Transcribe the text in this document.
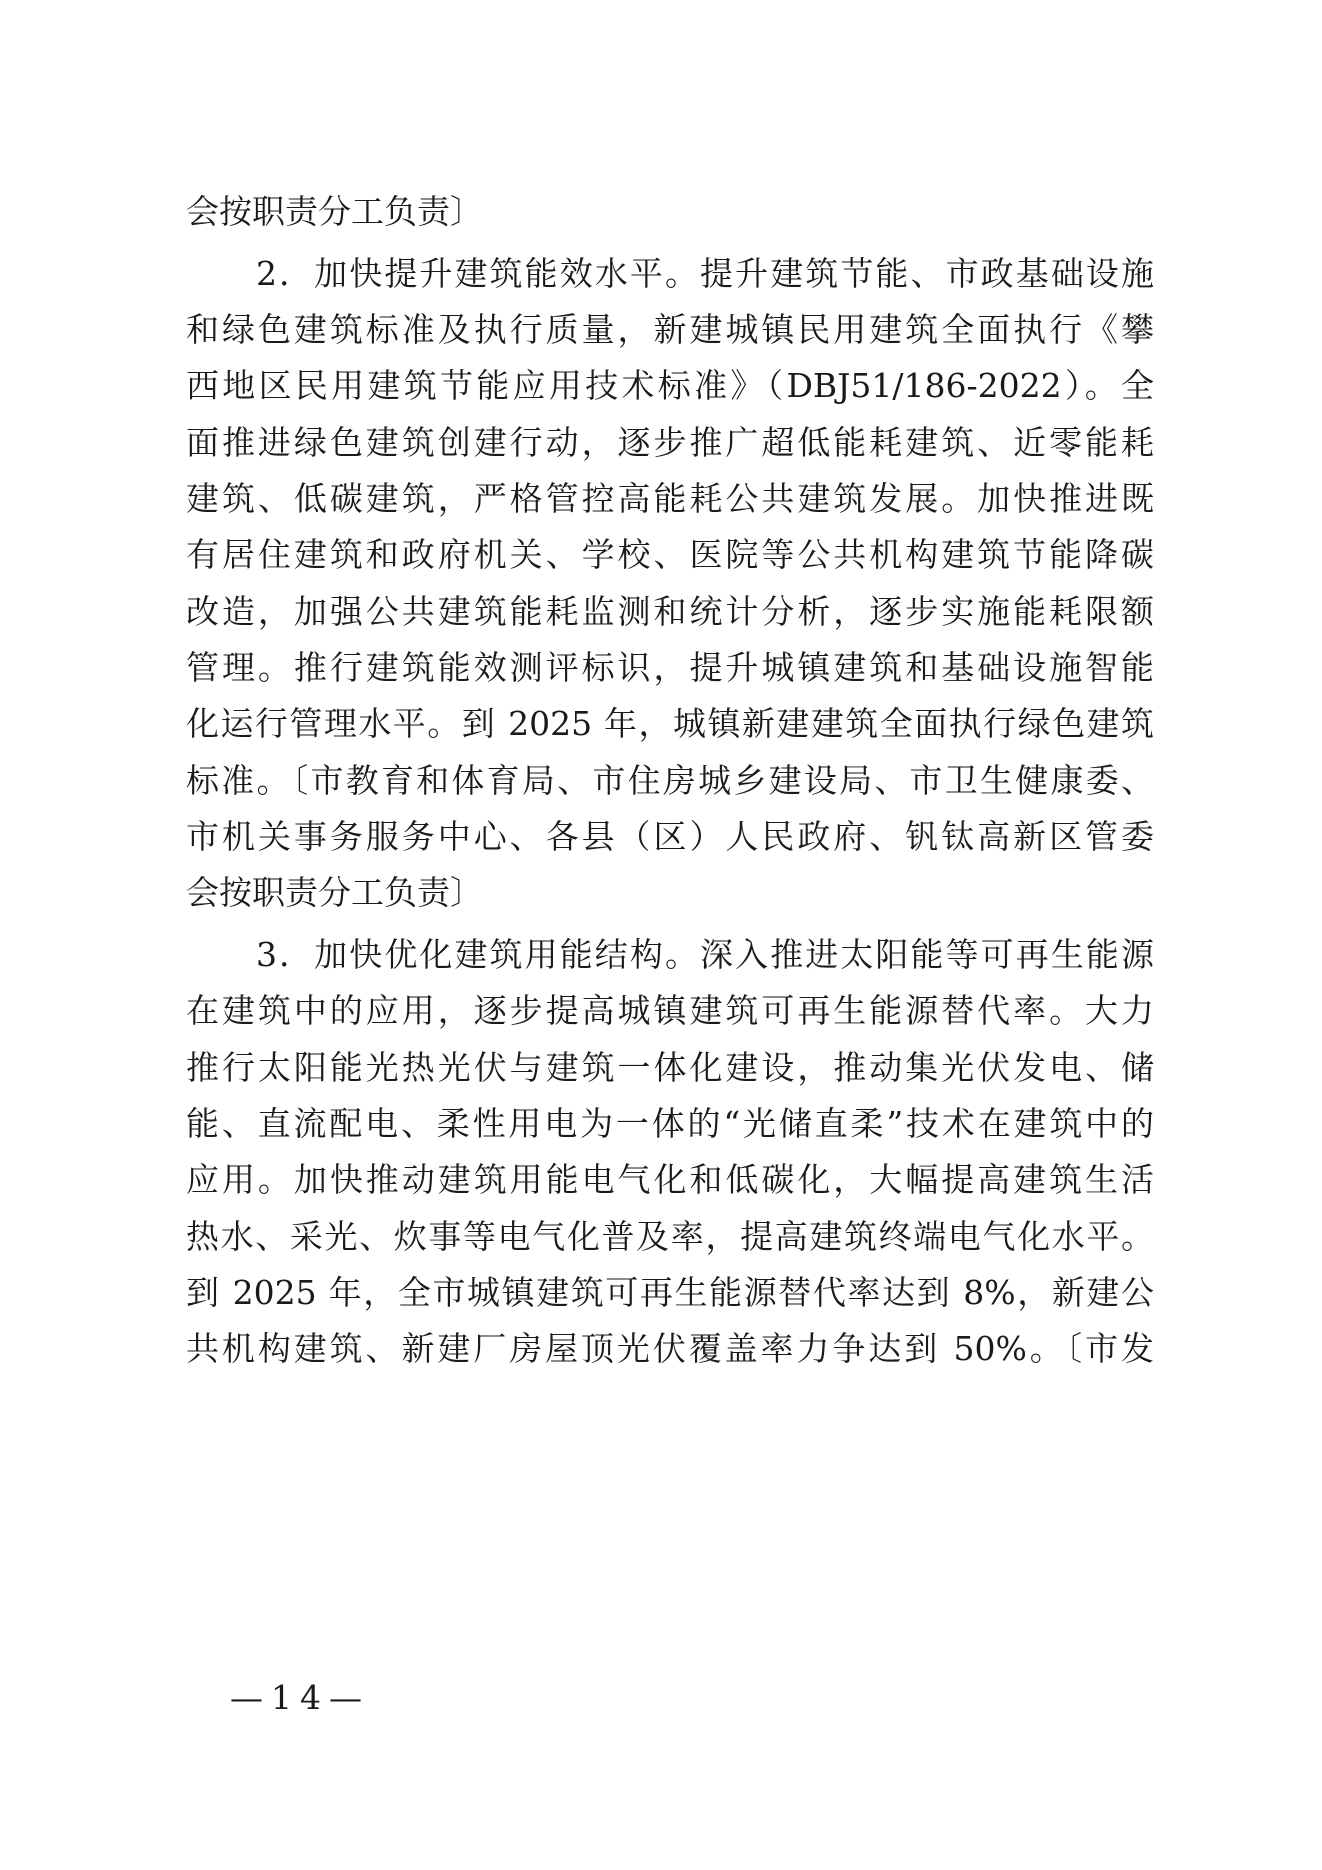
会按职责分工负责〕
2．加快提升建筑能效水平。提升建筑节能、市政基础设施
和绿色建筑标准及执行质量，新建城镇民用建筑全面执行《攀
西地区民用建筑节能应用技术标准》（DBJ51/186-2022）。全
面推进绿色建筑创建行动，逐步推广超低能耗建筑、近零能耗
建筑、低碳建筑，严格管控高能耗公共建筑发展。加快推进既
有居住建筑和政府机关、学校、医院等公共机构建筑节能降碳
改造，加强公共建筑能耗监测和统计分析，逐步实施能耗限额
管理。推行建筑能效测评标识，提升城镇建筑和基础设施智能
化运行管理水平。到 2025 年，城镇新建建筑全面执行绿色建筑
标准。〔市教育和体育局、市住房城乡建设局、市卫生健康委、
市机关事务服务中心、各县（区）人民政府、钒钛高新区管委
会按职责分工负责〕
3．加快优化建筑用能结构。深入推进太阳能等可再生能源
在建筑中的应用，逐步提高城镇建筑可再生能源替代率。大力
推行太阳能光热光伏与建筑一体化建设，推动集光伏发电、储
能、直流配电、柔性用电为一体的“光储直柔”技术在建筑中的
应用。加快推动建筑用能电气化和低碳化，大幅提高建筑生活
热水、采光、炊事等电气化普及率，提高建筑终端电气化水平。
到 2025 年，全市城镇建筑可再生能源替代率达到 8%，新建公
共机构建筑、新建厂房屋顶光伏覆盖率力争达到 50%。〔市发
—14—
